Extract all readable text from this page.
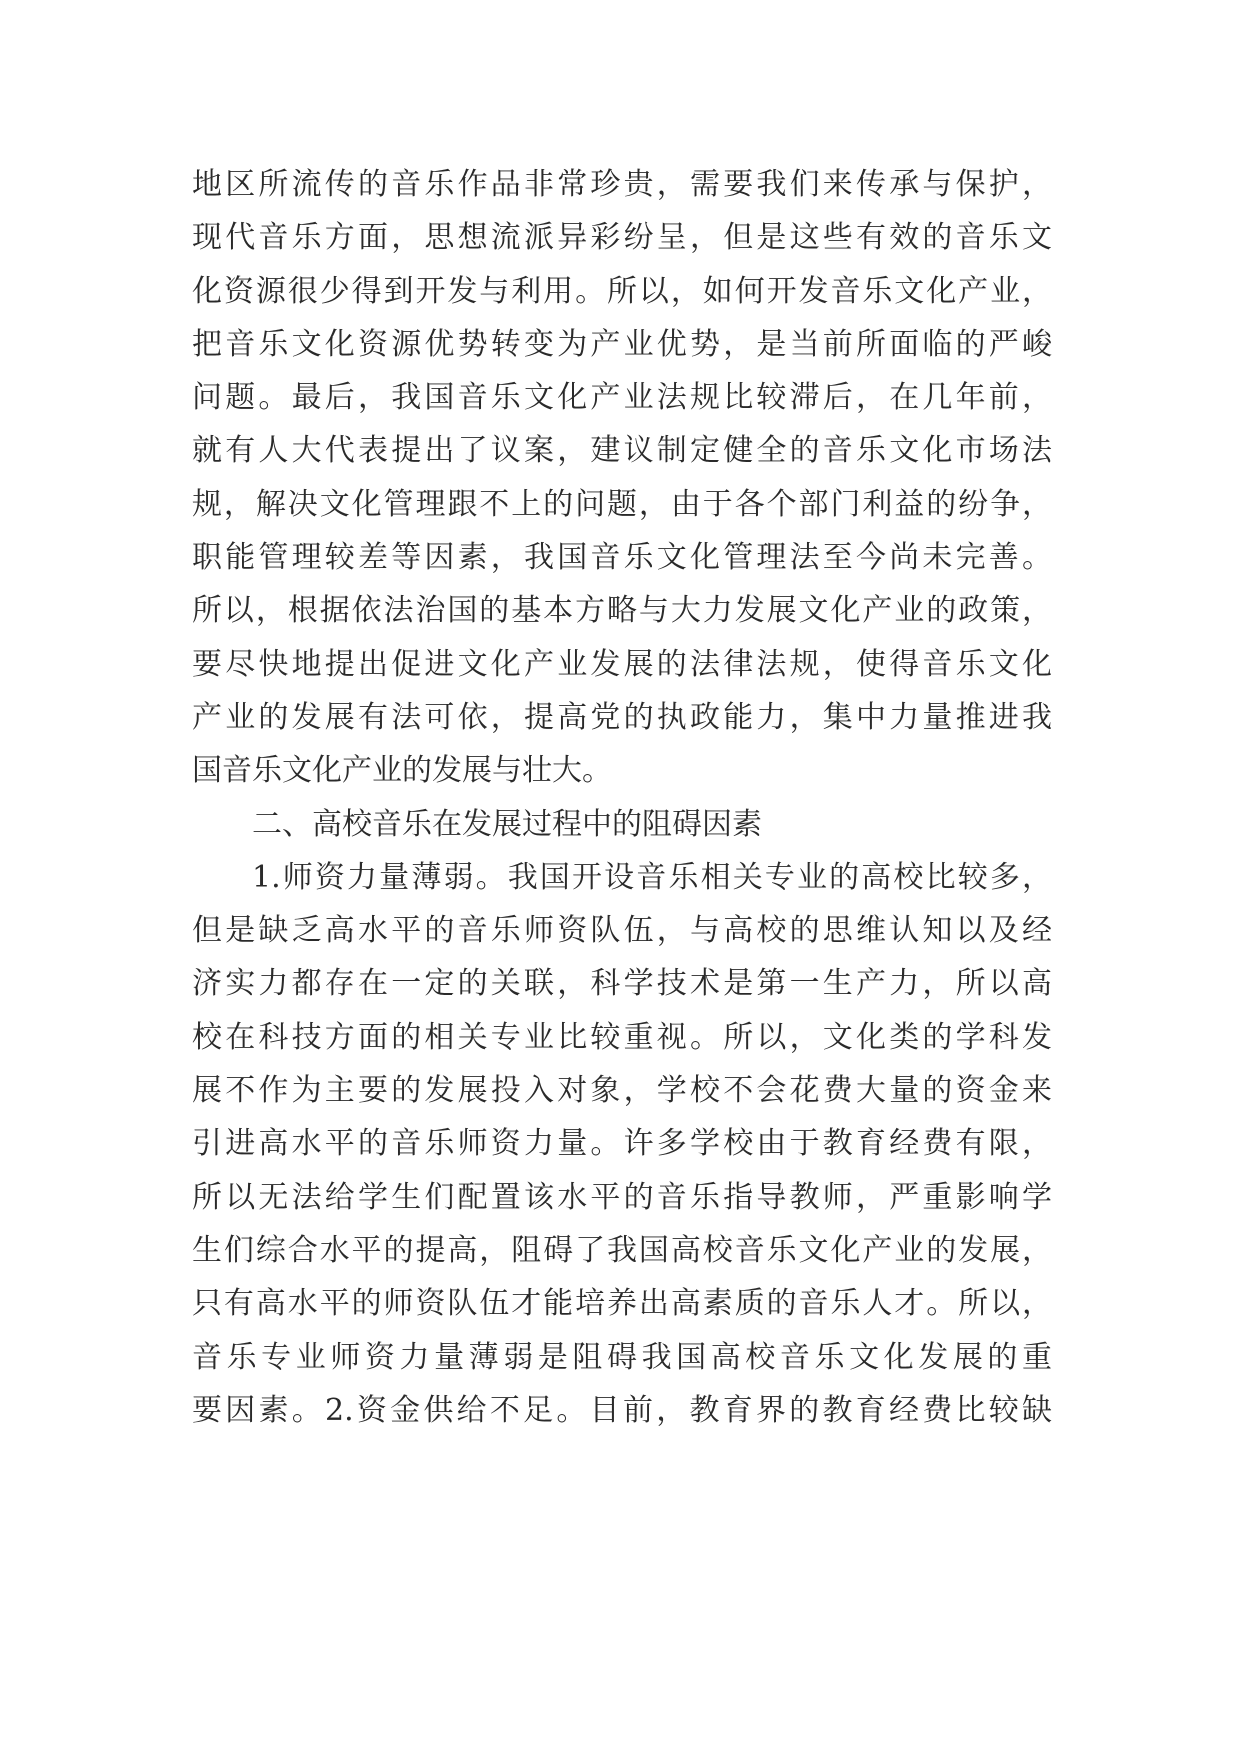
地区所流传的音乐作品非常珍贵，需要我们来传承与保护，
现代音乐方面，思想流派异彩纷呈，但是这些有效的音乐文
化资源很少得到开发与利用。所以，如何开发音乐文化产业，
把音乐文化资源优势转变为产业优势，是当前所面临的严峻
问题。最后，我国音乐文化产业法规比较滞后，在几年前，
就有人大代表提出了议案，建议制定健全的音乐文化市场法
规，解决文化管理跟不上的问题，由于各个部门利益的纷争，
职能管理较差等因素，我国音乐文化管理法至今尚未完善。
所以，根据依法治国的基本方略与大力发展文化产业的政策，
要尽快地提出促进文化产业发展的法律法规，使得音乐文化
产业的发展有法可依，提高党的执政能力，集中力量推进我
国音乐文化产业的发展与壮大。
二、高校音乐在发展过程中的阻碍因素
1.师资力量薄弱。我国开设音乐相关专业的高校比较多，
但是缺乏高水平的音乐师资队伍，与高校的思维认知以及经
济实力都存在一定的关联，科学技术是第一生产力，所以高
校在科技方面的相关专业比较重视。所以，文化类的学科发
展不作为主要的发展投入对象，学校不会花费大量的资金来
引进高水平的音乐师资力量。许多学校由于教育经费有限，
所以无法给学生们配置该水平的音乐指导教师，严重影响学
生们综合水平的提高，阻碍了我国高校音乐文化产业的发展，
只有高水平的师资队伍才能培养出高素质的音乐人才。所以，
音乐专业师资力量薄弱是阻碍我国高校音乐文化发展的重
要因素。2.资金供给不足。目前，教育界的教育经费比较缺
